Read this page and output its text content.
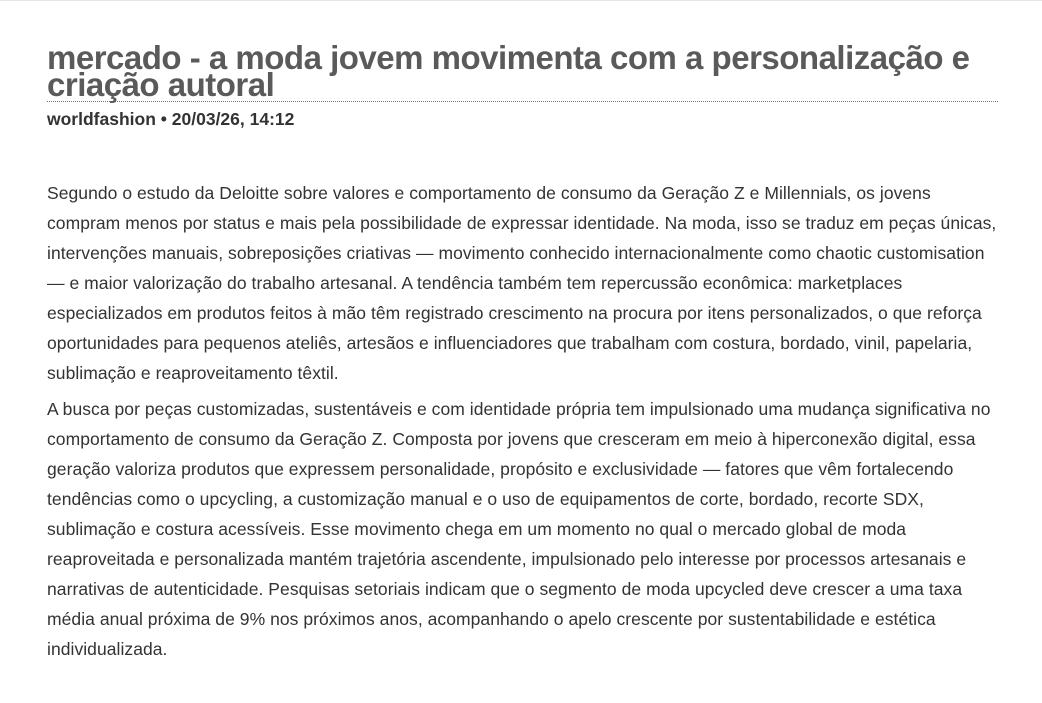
mercado - a moda jovem movimenta com a personalização e criação autoral
worldfashion • 20/03/26, 14:12

Segundo o estudo da Deloitte sobre valores e comportamento de consumo da Geração Z e Millennials, os jovens compram menos por status e mais pela possibilidade de expressar identidade. Na moda, isso se traduz em peças únicas, intervenções manuais, sobreposições criativas — movimento conhecido internacionalmente como chaotic customisation — e maior valorização do trabalho artesanal. A tendência também tem repercussão econômica: marketplaces especializados em produtos feitos à mão têm registrado crescimento na procura por itens personalizados, o que reforça oportunidades para pequenos ateliês, artesãos e influenciadores que trabalham com costura, bordado, vinil, papelaria, sublimação e reaproveitamento têxtil.

A busca por peças customizadas, sustentáveis e com identidade própria tem impulsionado uma mudança significativa no comportamento de consumo da Geração Z. Composta por jovens que cresceram em meio à hiperconexão digital, essa geração valoriza produtos que expressem personalidade, propósito e exclusividade — fatores que vêm fortalecendo tendências como o upcycling, a customização manual e o uso de equipamentos de corte, bordado, recorte SDX, sublimação e costura acessíveis. Esse movimento chega em um momento no qual o mercado global de moda reaproveitada e personalizada mantém trajetória ascendente, impulsionado pelo interesse por processos artesanais e narrativas de autenticidade. Pesquisas setoriais indicam que o segmento de moda upcycled deve crescer a uma taxa média anual próxima de 9% nos próximos anos, acompanhando o apelo crescente por sustentabilidade e estética individualizada.
